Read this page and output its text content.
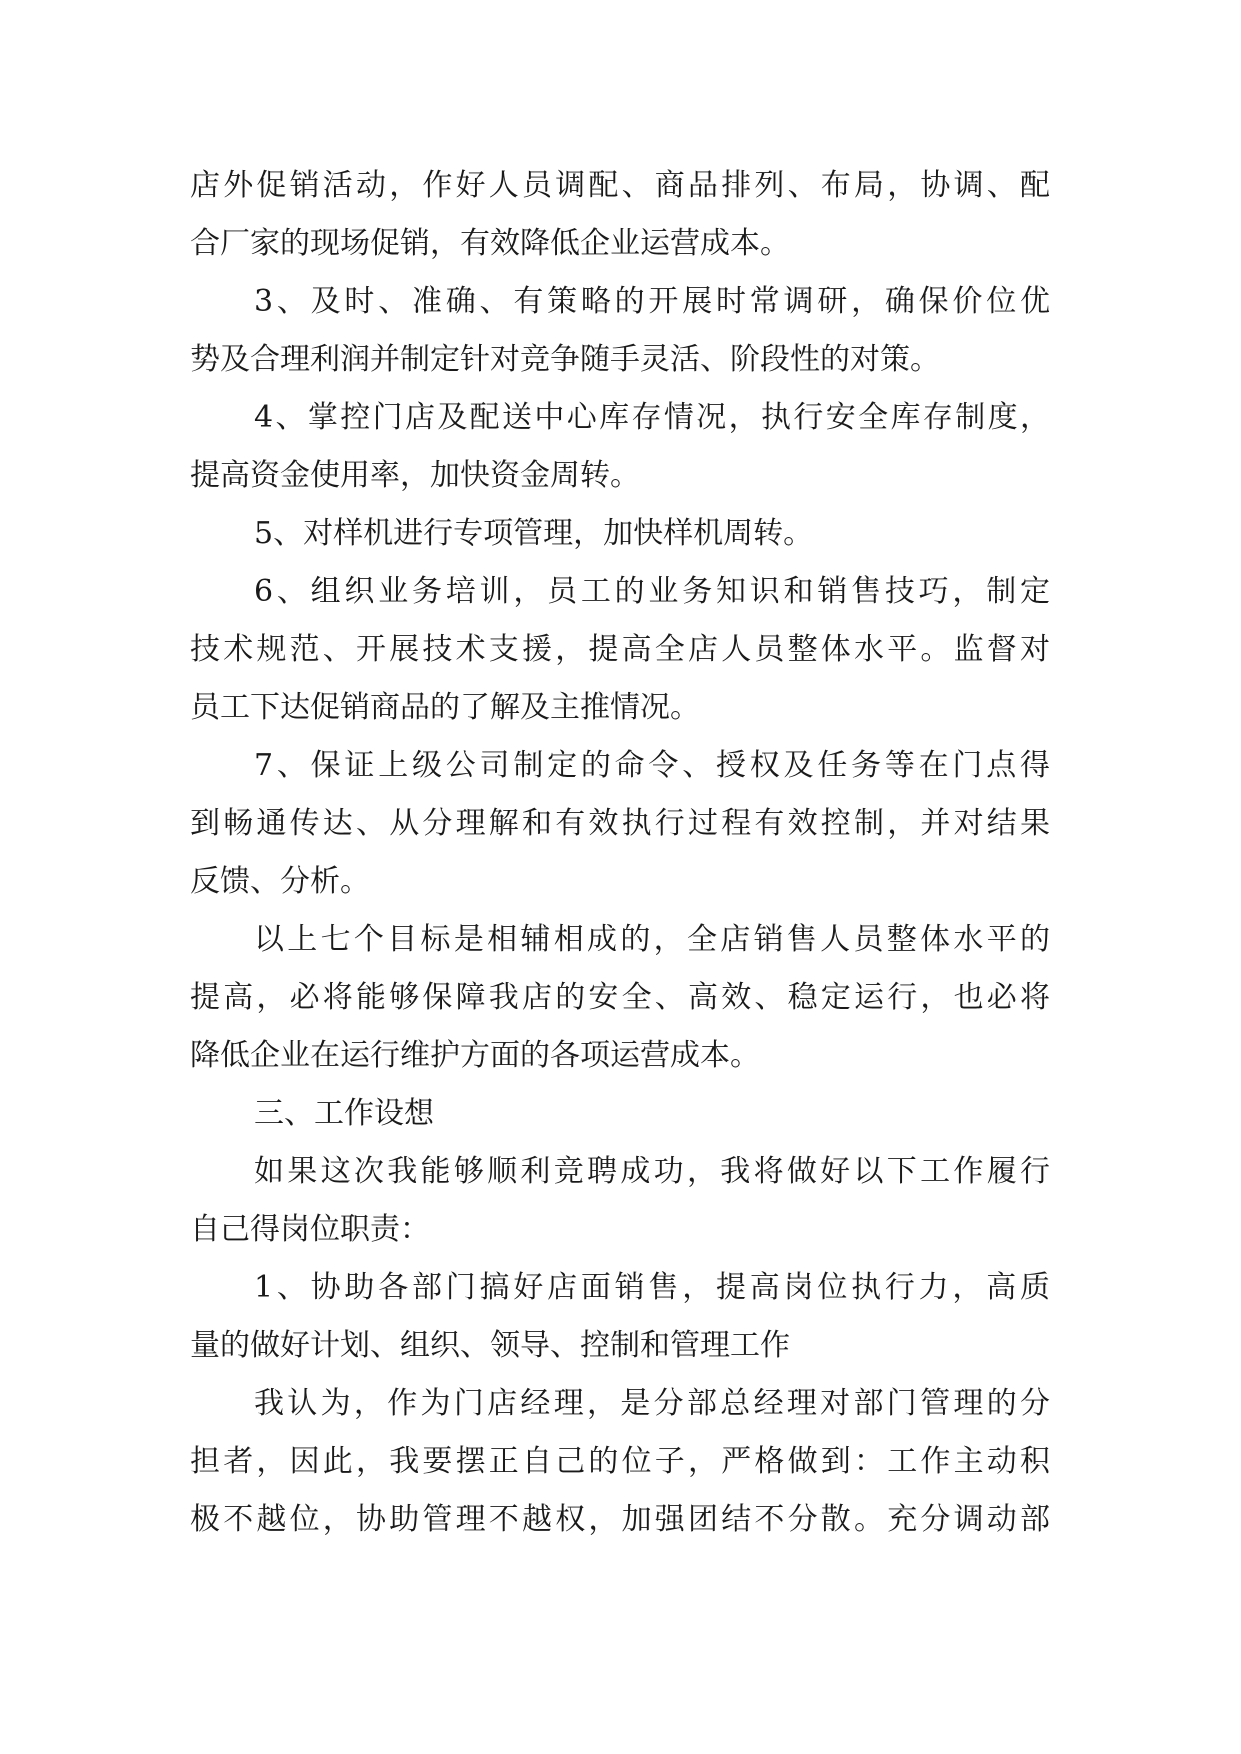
店外促销活动，作好人员调配、商品排列、布局，协调、配
合厂家的现场促销，有效降低企业运营成本。
3、及时、准确、有策略的开展时常调研，确保价位优
势及合理利润并制定针对竞争随手灵活、阶段性的对策。
4、掌控门店及配送中心库存情况，执行安全库存制度，
提高资金使用率，加快资金周转。
5、对样机进行专项管理，加快样机周转。
6、组织业务培训，员工的业务知识和销售技巧，制定
技术规范、开展技术支援，提高全店人员整体水平。监督对
员工下达促销商品的了解及主推情况。
7、保证上级公司制定的命令、授权及任务等在门点得
到畅通传达、从分理解和有效执行过程有效控制，并对结果
反馈、分析。
以上七个目标是相辅相成的，全店销售人员整体水平的
提高，必将能够保障我店的安全、高效、稳定运行，也必将
降低企业在运行维护方面的各项运营成本。
三、工作设想
如果这次我能够顺利竞聘成功，我将做好以下工作履行
自己得岗位职责：
1、协助各部门搞好店面销售，提高岗位执行力，高质
量的做好计划、组织、领导、控制和管理工作
我认为，作为门店经理，是分部总经理对部门管理的分
担者，因此，我要摆正自己的位子，严格做到：工作主动积
极不越位，协助管理不越权，加强团结不分散。充分调动部
